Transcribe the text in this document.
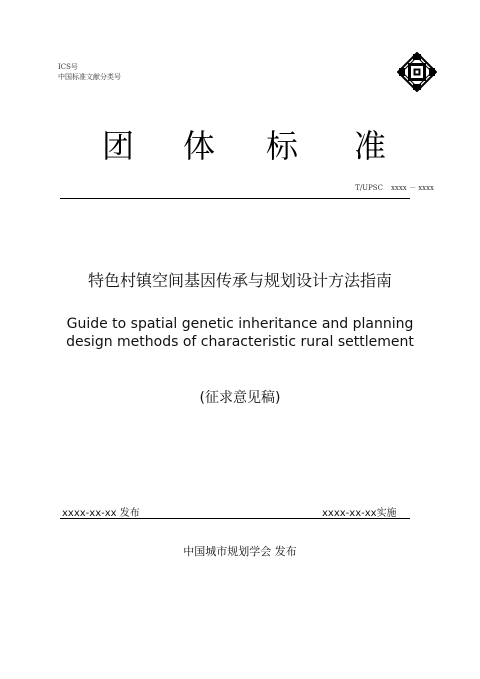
ICS号
中国标准文献分类号
团 体 标 准
T/UPSC xxxx － xxxx
特色村镇空间基因传承与规划设计方法指南
Guide to spatial genetic inheritance and planning
design methods of characteristic rural settlement
(征求意见稿)
xxxx-xx-xx 发布	xxxx-xx-xx实施
中国城市规划学会 发布
